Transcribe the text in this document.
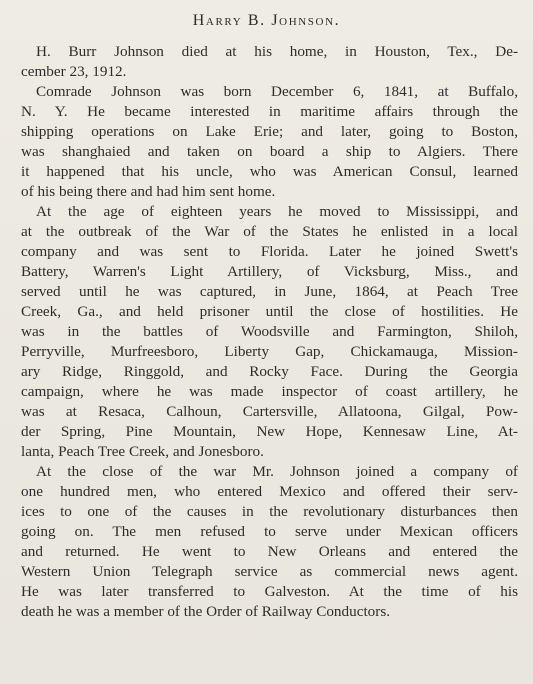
Harry B. Johnson.
H. Burr Johnson died at his home, in Houston, Tex., De-
cember 23, 1912.
Comrade Johnson was born December 6, 1841, at Buffalo,
N. Y. He became interested in maritime affairs through the
shipping operations on Lake Erie; and later, going to Boston,
was shanghaied and taken on board a ship to Algiers. There
it happened that his uncle, who was American Consul, learned
of his being there and had him sent home.
At the age of eighteen years he moved to Mississippi, and
at the outbreak of the War of the States he enlisted in a local
company and was sent to Florida. Later he joined Swett's
Battery, Warren's Light Artillery, of Vicksburg, Miss., and
served until he was captured, in June, 1864, at Peach Tree
Creek, Ga., and held prisoner until the close of hostilities. He
was in the battles of Woodsville and Farmington, Shiloh,
Perryville, Murfreesboro, Liberty Gap, Chickamauga, Mission-
ary Ridge, Ringgold, and Rocky Face. During the Georgia
campaign, where he was made inspector of coast artillery, he
was at Resaca, Calhoun, Cartersville, Allatoona, Gilgal, Pow-
der Spring, Pine Mountain, New Hope, Kennesaw Line, At-
lanta, Peach Tree Creek, and Jonesboro.
At the close of the war Mr. Johnson joined a company of
one hundred men, who entered Mexico and offered their serv-
ices to one of the causes in the revolutionary disturbances then
going on. The men refused to serve under Mexican officers
and returned. He went to New Orleans and entered the
Western Union Telegraph service as commercial news agent.
He was later transferred to Galveston. At the time of his
death he was a member of the Order of Railway Conductors.
